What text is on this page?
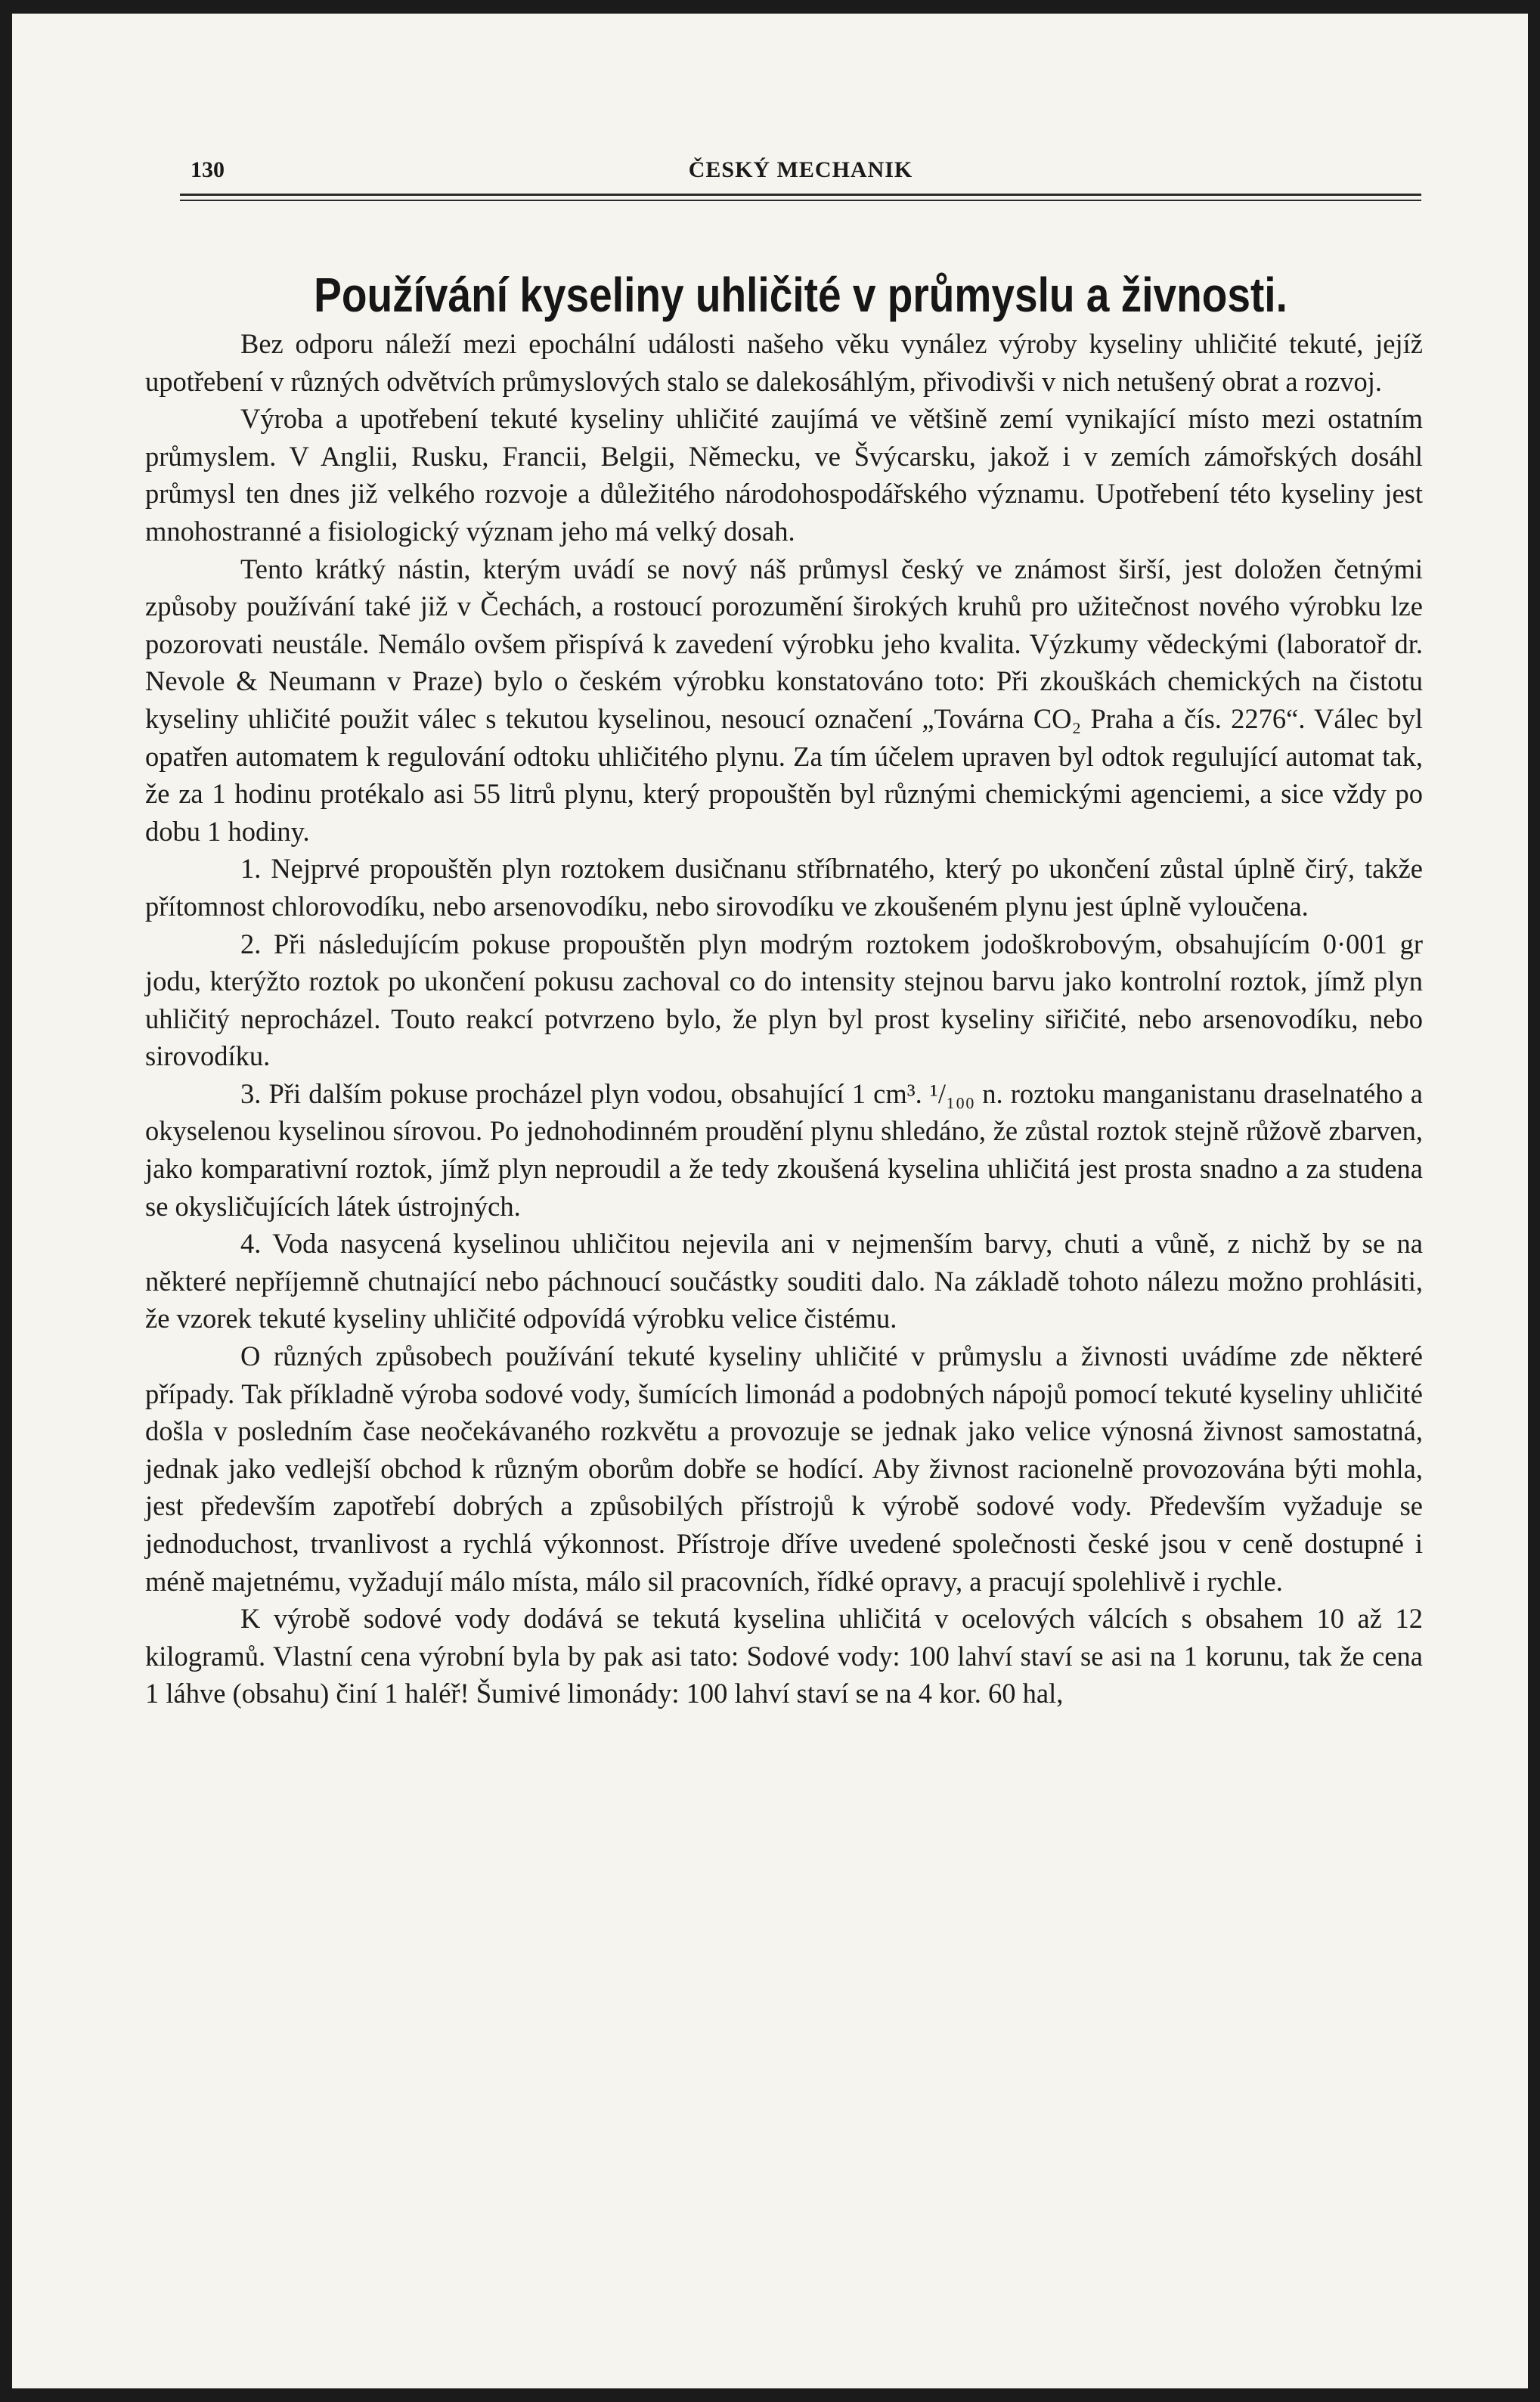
130	ČESKÝ MECHANIK
Používání kyseliny uhličité v průmyslu a živnosti.

Bez odporu náleží mezi epochální události našeho věku vynález výroby kyseliny uhličité tekuté, jejíž upotřebení v různých odvětvích průmyslových stalo se dalekosáhlým, přivodivši v nich netušený obrat a rozvoj.

Výroba a upotřebení tekuté kyseliny uhličité zaujímá ve většině zemí vynikající místo mezi ostatním průmyslem. V Anglii, Rusku, Francii, Belgii, Německu, ve Švýcarsku, jakož i v zemích zámořských dosáhl průmysl ten dnes již velkého rozvoje a důležitého národohospodářského významu. Upotřebení této kyseliny jest mnohostranné a fisiologický význam jeho má velký dosah.

Tento krátký nástin, kterým uvádí se nový náš průmysl český ve známost širší, jest doložen četnými způsoby používání také již v Čechách, a rostoucí porozumění širokých kruhů pro užitečnost nového výrobku lze pozorovati neustále. Nemálo ovšem přispívá k zavedení výrobku jeho kvalita. Výzkumy vědeckými (laboratoř dr. Nevole & Neumann v Praze) bylo o českém výrobku konstatováno toto: Při zkouškách chemických na čistotu kyseliny uhličité použit válec s tekutou kyselinou, nesoucí označení „Továrna CO₂ Praha a čís. 2276“. Válec byl opatřen automatem k regulování odtoku uhličitého plynu. Za tím účelem upraven byl odtok regulující automat tak, že za 1 hodinu protékalo asi 55 litrů plynu, který propouštěn byl různými chemickými agenciemi, a sice vždy po dobu 1 hodiny.

1. Nejprvé propouštěn plyn roztokem dusičnanu stříbrnatého, který po ukončení zůstal úplně čirý, takže přítomnost chlorovodíku, nebo arsenovodíku, nebo sirovodíku ve zkoušeném plynu jest úplně vyloučena.

2. Při následujícím pokuse propouštěn plyn modrým roztokem jodoškrobovým, obsahujícím 0·001 gr jodu, kterýžto roztok po ukončení pokusu zachoval co do intensity stejnou barvu jako kontrolní roztok, jímž plyn uhličitý neprocházel. Touto reakcí potvrzeno bylo, že plyn byl prost kyseliny siřičité, nebo arsenovodíku, nebo sirovodíku.

3. Při dalším pokuse procházel plyn vodou, obsahující 1 cm³. ¹/₁₀₀ n. roztoku manganistanu draselnatého a okyselenou kyselinou sírovou. Po jednohodinném proudění plynu shledáno, že zůstal roztok stejně růžově zbarven, jako komparativní roztok, jímž plyn neproudil a že tedy zkoušená kyselina uhličitá jest prosta snadno a za studena se okysličujících látek ústrojných.

4. Voda nasycená kyselinou uhličitou nejevila ani v nejmenším barvy, chuti a vůně, z nichž by se na některé nepříjemně chutnající nebo páchnoucí součástky souditi dalo. Na základě tohoto nálezu možno prohlásiti, že vzorek tekuté kyseliny uhličité odpovídá výrobku velice čistému.

O různých způsobech používání tekuté kyseliny uhličité v průmyslu a živnosti uvádíme zde některé případy. Tak příkladně výroba sodové vody, šumících limonád a podobných nápojů pomocí tekuté kyseliny uhličité došla v posledním čase neočekávaného rozkvětu a provozuje se jednak jako velice výnosná živnost samostatná, jednak jako vedlejší obchod k různým oborům dobře se hodící. Aby živnost racionelně provozována býti mohla, jest především zapotřebí dobrých a způsobilých přístrojů k výrobě sodové vody. Především vyžaduje se jednoduchost, trvanlivost a rychlá výkonnost. Přístroje dříve uvedené společnosti české jsou v ceně dostupné i méně majetnému, vyžadují málo místa, málo sil pracovních, řídké opravy, a pracují spolehlivě i rychle.

K výrobě sodové vody dodává se tekutá kyselina uhličitá v ocelových válcích s obsahem 10 až 12 kilogramů. Vlastní cena výrobní byla by pak asi tato: Sodové vody: 100 lahví staví se asi na 1 korunu, tak že cena 1 láhve (obsahu) činí 1 haléř! Šumivé limonády: 100 lahví staví se na 4 kor. 60 hal,
